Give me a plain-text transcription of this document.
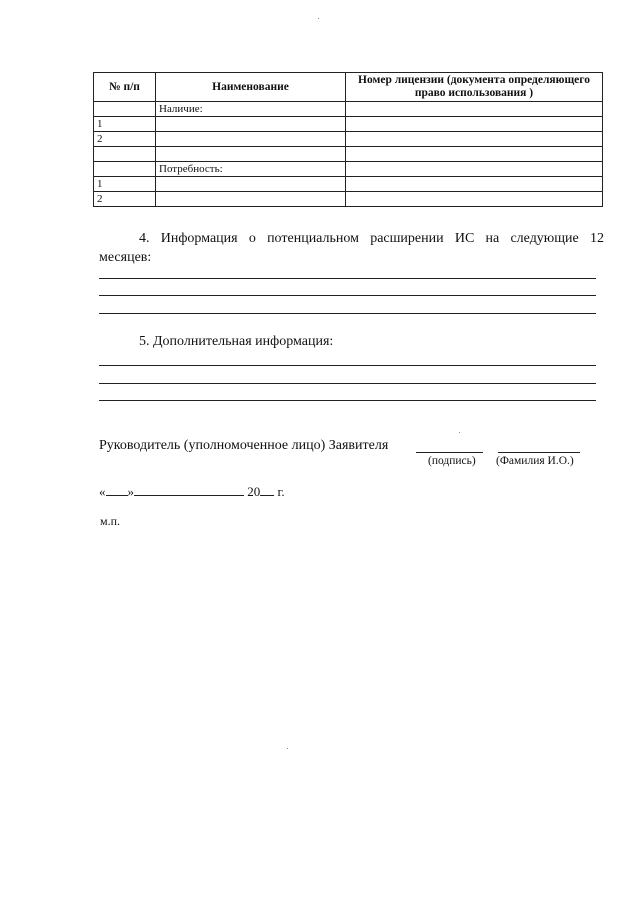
№ п/п	Наименование	Номер лицензии (документа определяющего право использования )
	Наличие:	
1		
2		

	Потребность:	
1		
2		
4. Информация о потенциальном расширении ИС на следующие 12
месяцев:
5. Дополнительная информация:
Руководитель (уполномоченное лицо) Заявителя
(подпись) (Фамилия И.О.)
« »	20 г.
м.п.
